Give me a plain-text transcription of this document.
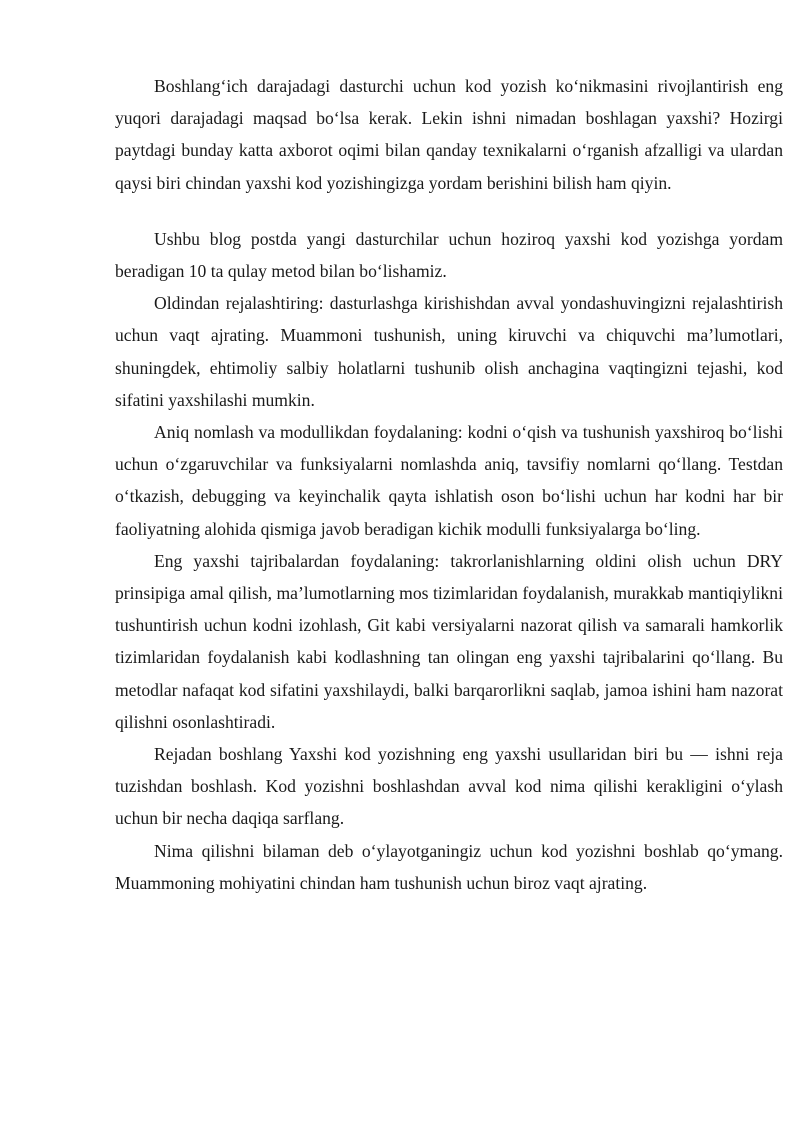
Boshlang‘ich darajadagi dasturchi uchun kod yozish ko‘nikmasini rivojlantirish eng yuqori darajadagi maqsad bo‘lsa kerak. Lekin ishni nimadan boshlagan yaxshi? Hozirgi paytdagi bunday katta axborot oqimi bilan qanday texnikalarni o‘rganish afzalligi va ulardan qaysi biri chindan yaxshi kod yozishingizga yordam berishini bilish ham qiyin.

Ushbu blog postda yangi dasturchilar uchun hoziroq yaxshi kod yozishga yordam beradigan 10 ta qulay metod bilan bo‘lishamiz.

Oldindan rejalashtiring: dasturlashga kirishishdan avval yondashuvingizni rejalashtirish uchun vaqt ajrating. Muammoni tushunish, uning kiruvchi va chiquvchi ma’lumotlari, shuningdek, ehtimoliy salbiy holatlarni tushunib olish anchagina vaqtingizni tejashi, kod sifatini yaxshilashi mumkin.

Aniq nomlash va modullikdan foydalaning: kodni o‘qish va tushunish yaxshiroq bo‘lishi uchun o‘zgaruvchilar va funksiyalarni nomlashda aniq, tavsifiy nomlarni qo‘llang. Testdan o‘tkazish, debugging va keyinchalik qayta ishlatish oson bo‘lishi uchun har kodni har bir faoliyatning alohida qismiga javob beradigan kichik modulli funksiyalarga bo‘ling.

Eng yaxshi tajribalardan foydalaning: takrorlanishlarning oldini olish uchun DRY prinsipiga amal qilish, ma’lumotlarning mos tizimlaridan foydalanish, murakkab mantiqiylikni tushuntirish uchun kodni izohlash, Git kabi versiyalarni nazorat qilish va samarali hamkorlik tizimlaridan foydalanish kabi kodlashning tan olingan eng yaxshi tajribalarini qo‘llang. Bu metodlar nafaqat kod sifatini yaxshilaydi, balki barqarorlikni saqlab, jamoa ishini ham nazorat qilishni osonlashtiradi.

Rejadan boshlang Yaxshi kod yozishning eng yaxshi usullaridan biri bu — ishni reja tuzishdan boshlash. Kod yozishni boshlashdan avval kod nima qilishi kerakligini o‘ylash uchun bir necha daqiqa sarflang.

Nima qilishni bilaman deb o‘ylayotganingiz uchun kod yozishni boshlab qo‘ymang. Muammoning mohiyatini chindan ham tushunish uchun biroz vaqt ajrating.
